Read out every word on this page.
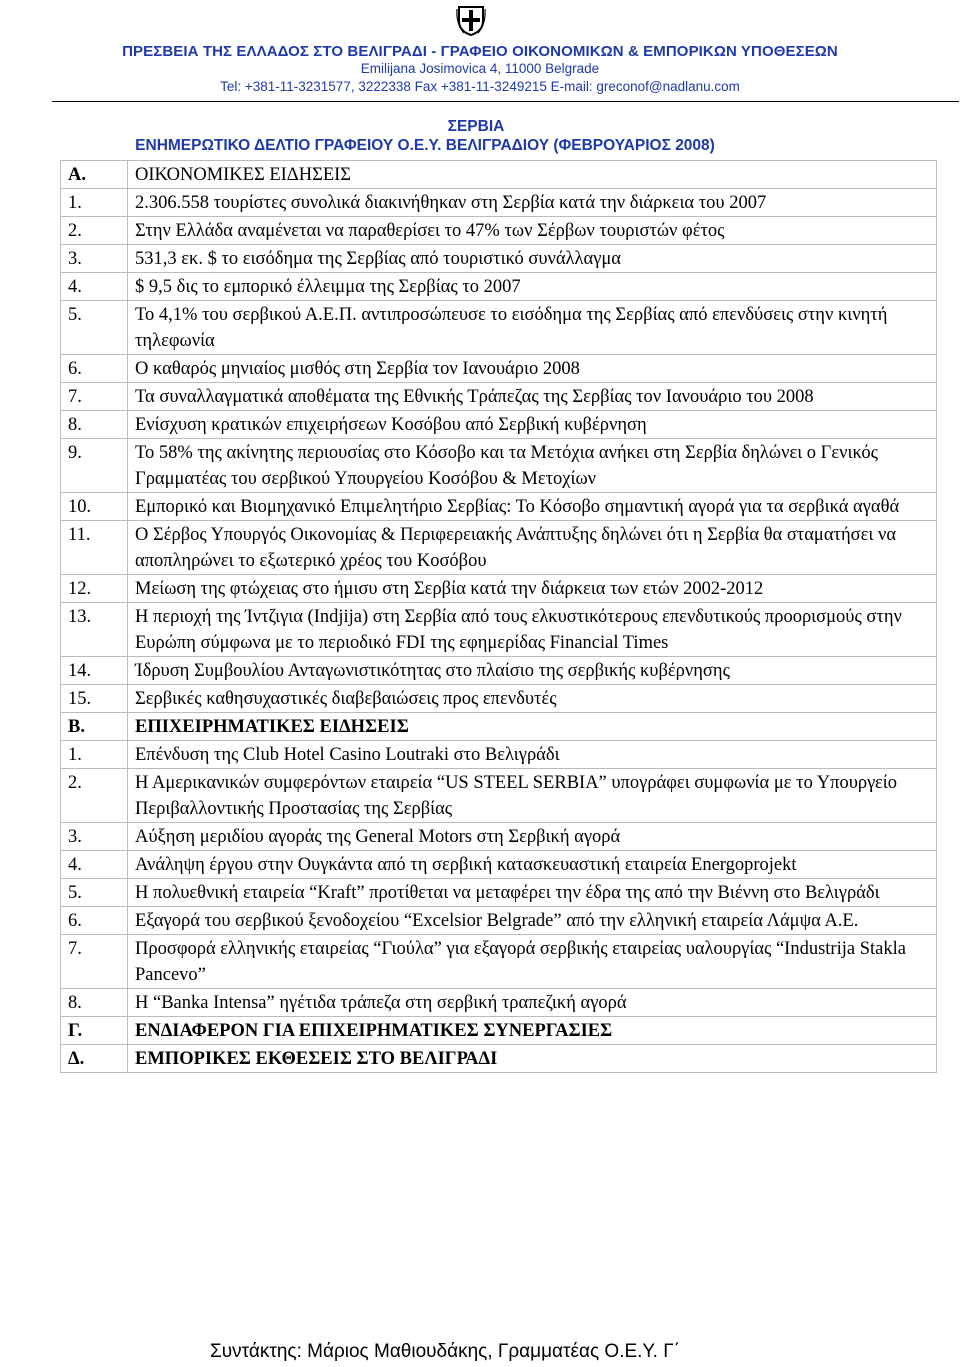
ΠΡΕΣΒΕΙΑ ΤΗΣ ΕΛΛΑΔΟΣ ΣΤΟ ΒΕΛΙΓΡΑΔΙ - ΓΡΑΦΕΙΟ ΟΙΚΟΝΟΜΙΚΩΝ & ΕΜΠΟΡΙΚΩΝ ΥΠΟΘΕΣΕΩΝ
Emilijana Josimovica 4, 11000 Belgrade
Tel: +381-11-3231577, 3222338 Fax +381-11-3249215 E-mail: greconof@nadlanu.com
ΣΕΡΒΙΑ
ΕΝΗΜΕΡΩΤΙΚΟ ΔΕΛΤΙΟ ΓΡΑΦΕΙΟΥ Ο.Ε.Υ. ΒΕΛΙΓΡΑΔΙΟΥ (ΦΕΒΡΟΥΑΡΙΟΣ 2008)
Α.	ΟΙΚΟΝΟΜΙΚΕΣ ΕΙΔΗΣΕΙΣ
1.	2.306.558 τουρίστες συνολικά διακινήθηκαν στη Σερβία κατά την διάρκεια του 2007
2.	Στην Ελλάδα αναμένεται να παραθερίσει το 47% των Σέρβων τουριστών φέτος
3.	531,3 εκ. $ το εισόδημα της Σερβίας από τουριστικό συνάλλαγμα
4.	$ 9,5 δις το εμπορικό έλλειμμα της Σερβίας το 2007
5.	Το 4,1% του σερβικού Α.Ε.Π. αντιπροσώπευσε το εισόδημα της Σερβίας από επενδύσεις στην κινητή τηλεφωνία
6.	Ο καθαρός μηνιαίος μισθός στη Σερβία τον Ιανουάριο 2008
7.	Τα συναλλαγματικά αποθέματα της Εθνικής Τράπεζας της Σερβίας τον Ιανουάριο του 2008
8.	Ενίσχυση κρατικών επιχειρήσεων Κοσόβου από Σερβική κυβέρνηση
9.	Το 58% της ακίνητης περιουσίας στο Κόσοβο και τα Μετόχια ανήκει στη Σερβία δηλώνει ο Γενικός Γραμματέας του σερβικού Υπουργείου Κοσόβου & Μετοχίων
10.	Εμπορικό και Βιομηχανικό Επιμελητήριο Σερβίας: Το Κόσοβο σημαντική αγορά για τα σερβικά αγαθά
11.	Ο Σέρβος Υπουργός Οικονομίας & Περιφερειακής Ανάπτυξης δηλώνει ότι η Σερβία θα σταματήσει να αποπληρώνει το εξωτερικό χρέος του Κοσόβου
12.	Μείωση της φτώχειας στο ήμισυ στη Σερβία κατά την διάρκεια των ετών 2002-2012
13.	Η περιοχή της Ίντζιγια (Indjija) στη Σερβία από τους ελκυστικότερους επενδυτικούς προορισμούς στην Ευρώπη σύμφωνα με το περιοδικό FDI της εφημερίδας Financial Times
14.	Ίδρυση Συμβουλίου Ανταγωνιστικότητας στο πλαίσιο της σερβικής κυβέρνησης
15.	Σερβικές καθησυχαστικές διαβεβαιώσεις προς επενδυτές
Β.	ΕΠΙΧΕΙΡΗΜΑΤΙΚΕΣ ΕΙΔΗΣΕΙΣ
1.	Επένδυση της Club Hotel Casino Loutraki στο Βελιγράδι
2.	Η Αμερικανικών συμφερόντων εταιρεία “US STEEL SERBIA” υπογράφει συμφωνία με το Υπουργείο Περιβαλλοντικής Προστασίας της Σερβίας
3.	Αύξηση μεριδίου αγοράς της General Motors στη Σερβική αγορά
4.	Ανάληψη έργου στην Ουγκάντα από τη σερβική κατασκευαστική εταιρεία Energoprojekt
5.	Η πολυεθνική εταιρεία “Kraft” προτίθεται να μεταφέρει την έδρα της από την Βιέννη στο Βελιγράδι
6.	Εξαγορά του σερβικού ξενοδοχείου “Excelsior Belgrade” από την ελληνική εταιρεία Λάμψα Α.Ε.
7.	Προσφορά ελληνικής εταιρείας “Γιούλα” για εξαγορά σερβικής εταιρείας υαλουργίας “Industrija Stakla Pancevo”
8.	Η “Banka Intensa” ηγέτιδα τράπεζα στη σερβική τραπεζική αγορά
Γ.	ΕΝΔΙΑΦΕΡΟΝ ΓΙΑ ΕΠΙΧΕΙΡΗΜΑΤΙΚΕΣ ΣΥΝΕΡΓΑΣΙΕΣ
Δ.	ΕΜΠΟΡΙΚΕΣ ΕΚΘΕΣΕΙΣ ΣΤΟ ΒΕΛΙΓΡΑΔΙ
Συντάκτης: Μάριος Μαθιουδάκης, Γραμματέας Ο.Ε.Υ. Γ΄
